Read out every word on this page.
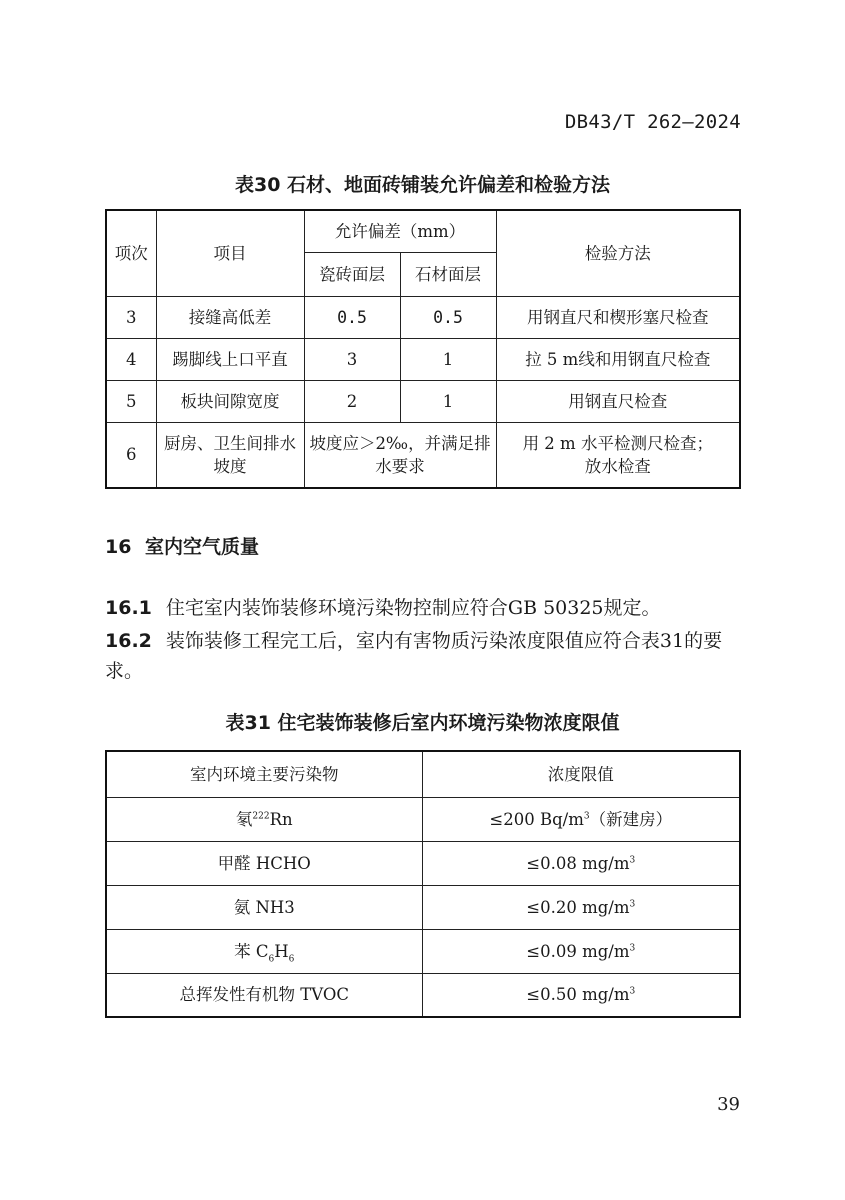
DB43/T 262—2024
表30 石材、地面砖铺装允许偏差和检验方法
项次	项目	允许偏差（mm）		检验方法
		瓷砖面层	石材面层	
3	接缝高低差	0.5	0.5	用钢直尺和楔形塞尺检查
4	踢脚线上口平直	3	1	拉 5 m线和用钢直尺检查
5	板块间隙宽度	2	1	用钢直尺检查
6	厨房、卫生间排水坡度	坡度应＞2‰，并满足排水要求		用 2 m 水平检测尺检查；放水检查
16 室内空气质量
16.1 住宅室内装饰装修环境污染物控制应符合GB 50325规定。
16.2 装饰装修工程完工后，室内有害物质污染浓度限值应符合表31的要求。
表31 住宅装饰装修后室内环境污染物浓度限值
室内环境主要污染物	浓度限值
氡$^{222}$Rn	≤200 $Bq/m^3$（新建房）
甲醛 HCHO	≤0.08 $mg/m^3$
氨 NH3	≤0.20 $mg/m^3$
苯 $C_6H_6$	≤0.09 $mg/m^3$
总挥发性有机物 TVOC	≤0.50 $mg/m^3$
39
